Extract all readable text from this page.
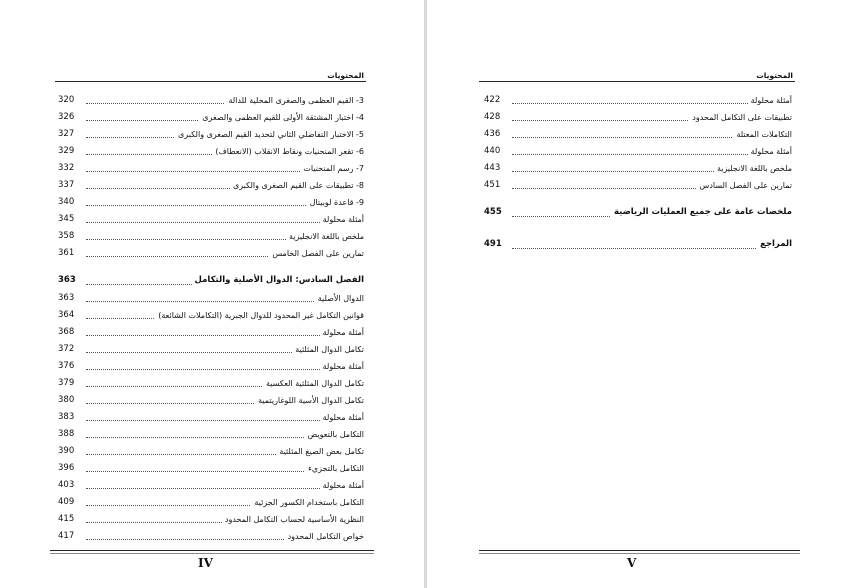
المحتويات
3- القيم العظمى والصغرى المحلية للدالة
320
4- اختبار المشتقة الأولى للقيم العظمى والصغرى
326
5- الاختبار التفاضلي الثاني لتحديد القيم الصغرى والكبرى
327
6- تقعر المنحنيات ونقاط الانقلاب (الانعطاف)
329
7- رسم المنحنيات
332
8- تطبيقات على القيم الصغرى والكبرى
337
9- قاعدة لوبيتال
340
أمثلة محلولة
345
ملخص باللغة الانجليزية
358
تمارين على الفصل الخامس
361
الفصل السادس: الدوال الأصلية والتكامل
363
الدوال الأصلية
363
قوانين التكامل غير المحدود للدوال الجبرية (التكاملات الشائعة)
364
أمثلة محلولة
368
تكامل الدوال المثلثية
372
أمثلة محلولة
376
تكامل الدوال المثلثية العكسية
379
تكامل الدوال الأسية اللوغاريتمية
380
أمثلة محلولة
383
التكامل بالتعويض
388
تكامل بعض الصيغ المثلثية
390
التكامل بالتجزيء
396
أمثلة محلولة
403
التكامل باستخدام الكسور الجزئية
409
النظرية الأساسية لحساب التكامل المحدود
415
خواص التكامل المحدود
417
IV
المحتويات
أمثلة محلولة
422
تطبيقات على التكامل المحدود
428
التكاملات المعتلة
436
أمثلة محلولة
440
ملخص باللغة الانجليزية
443
تمارين على الفصل السادس
451
ملخصات عامة على جميع العمليات الرياضية
455
المراجع
491
V
